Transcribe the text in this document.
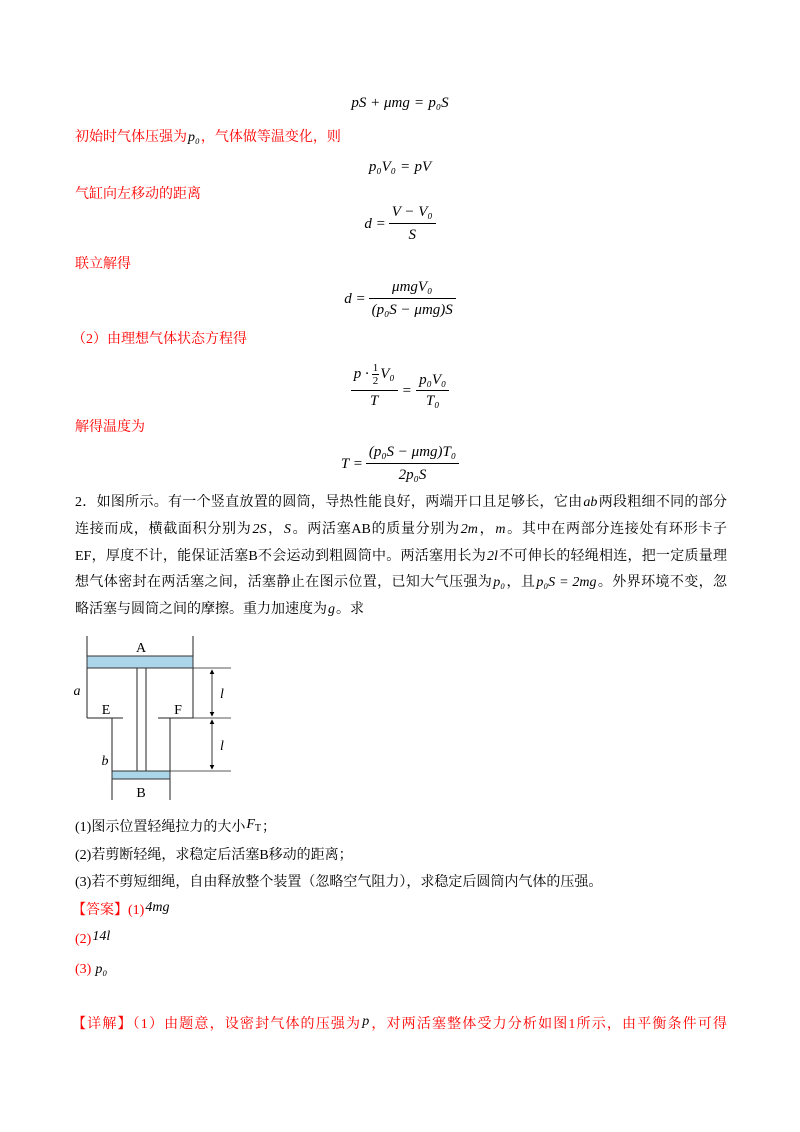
pS + μmg = p₀S
初始时气体压强为p₀，气体做等温变化，则
p₀V₀ = pV
气缸向左移动的距离
$d = \frac{\text{V − V₀}}{S}$
联立解得
$d = \frac{\text{μmgV₀}}{\text{(p₀S − μmg)S}}$
（2）由理想气体状态方程得
$\frac{p \cdot \frac{1}{2} V_0}{T} = \frac{\text{p₀V₀}}{\text{T₀}}$
解得温度为
$T = \frac{\text{(p₀S − μmg)T₀}}{\text{2p₀S}}$
2．如图所示。有一个竖直放置的圆筒，导热性能良好，两端开口且足够长，它由ab两段粗细不同的部分
连接而成，横截面积分别为2S，S。两活塞AB的质量分别为2m，m。其中在两部分连接处有环形卡子
EF，厚度不计，能保证活塞B不会运动到粗圆筒中。两活塞用长为2l不可伸长的轻绳相连，把一定质量理
想气体密封在两活塞之间，活塞静止在图示位置，已知大气压强为p₀，且p₀S = 2mg。外界环境不变，忽
略活塞与圆筒之间的摩擦。重力加速度为g。求
A
B
a
b
E	F
l
l
(1)图示位置轻绳拉力的大小$F_T$；
(2)若剪断轻绳，求稳定后活塞B移动的距离；
(3)若不剪短细绳，自由释放整个装置（忽略空气阻力），求稳定后圆筒内气体的压强。
【答案】(1)4mg
(2)14l
(3) p₀
【详解】（1）由题意，设密封气体的压强为p，对两活塞整体受力分析如图1所示，由平衡条件可得
